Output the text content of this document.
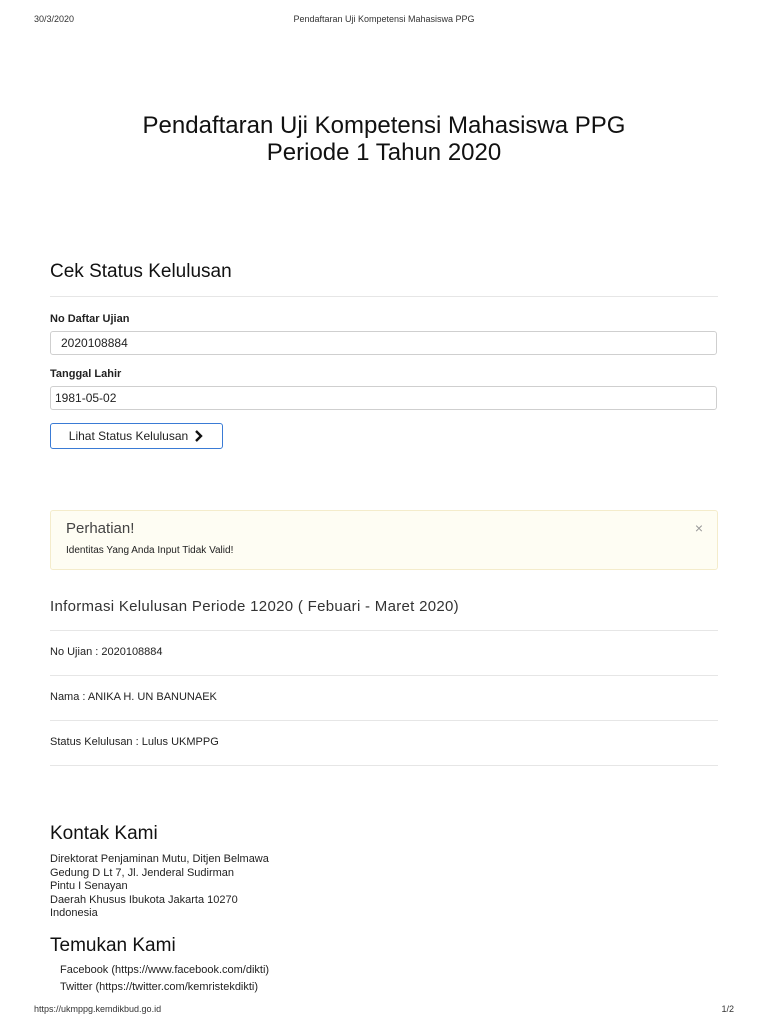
30/3/2020	Pendaftaran Uji Kompetensi Mahasiswa PPG
Pendaftaran Uji Kompetensi Mahasiswa PPG
Periode 1 Tahun 2020
Cek Status Kelulusan
No Daftar Ujian
2020108884
Tanggal Lahir
1981-05-02
Lihat Status Kelulusan
Perhatian!
Identitas Yang Anda Input Tidak Valid!
×
Informasi Kelulusan Periode 12020 ( Febuari - Maret 2020)
No Ujian : 2020108884
Nama : ANIKA H. UN BANUNAEK
Status Kelulusan : Lulus UKMPPG
Kontak Kami
Direktorat Penjaminan Mutu, Ditjen Belmawa
Gedung D Lt 7, Jl. Jenderal Sudirman
Pintu I Senayan
Daerah Khusus Ibukota Jakarta 10270
Indonesia
Temukan Kami
Facebook (https://www.facebook.com/dikti)
Twitter (https://twitter.com/kemristekdikti)
https://ukmppg.kemdikbud.go.id	1/2
